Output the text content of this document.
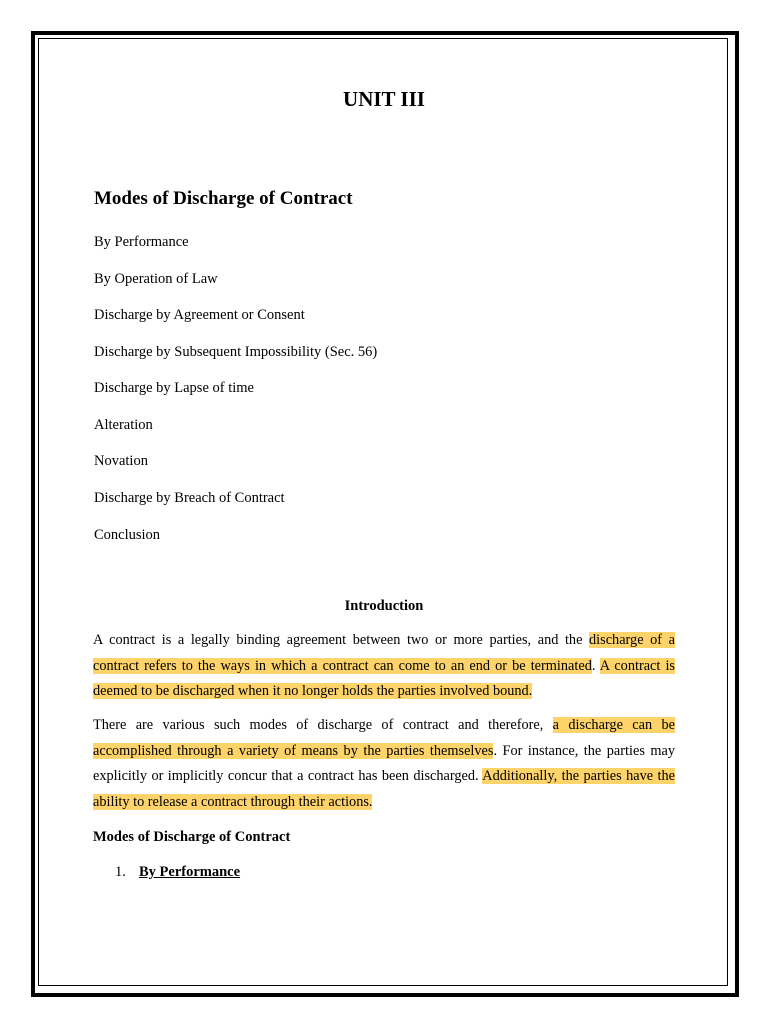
UNIT III
Modes of Discharge of Contract

By Performance

By Operation of Law

Discharge by Agreement or Consent

Discharge by Subsequent Impossibility (Sec. 56)

Discharge by Lapse of time

Alteration

Novation

Discharge by Breach of Contract

Conclusion

Introduction

A contract is a legally binding agreement between two or more parties, and the discharge of a contract refers to the ways in which a contract can come to an end or be terminated. A contract is deemed to be discharged when it no longer holds the parties involved bound.

There are various such modes of discharge of contract and therefore, a discharge can be accomplished through a variety of means by the parties themselves. For instance, the parties may explicitly or implicitly concur that a contract has been discharged. Additionally, the parties have the ability to release a contract through their actions.

Modes of Discharge of Contract

1. By Performance
